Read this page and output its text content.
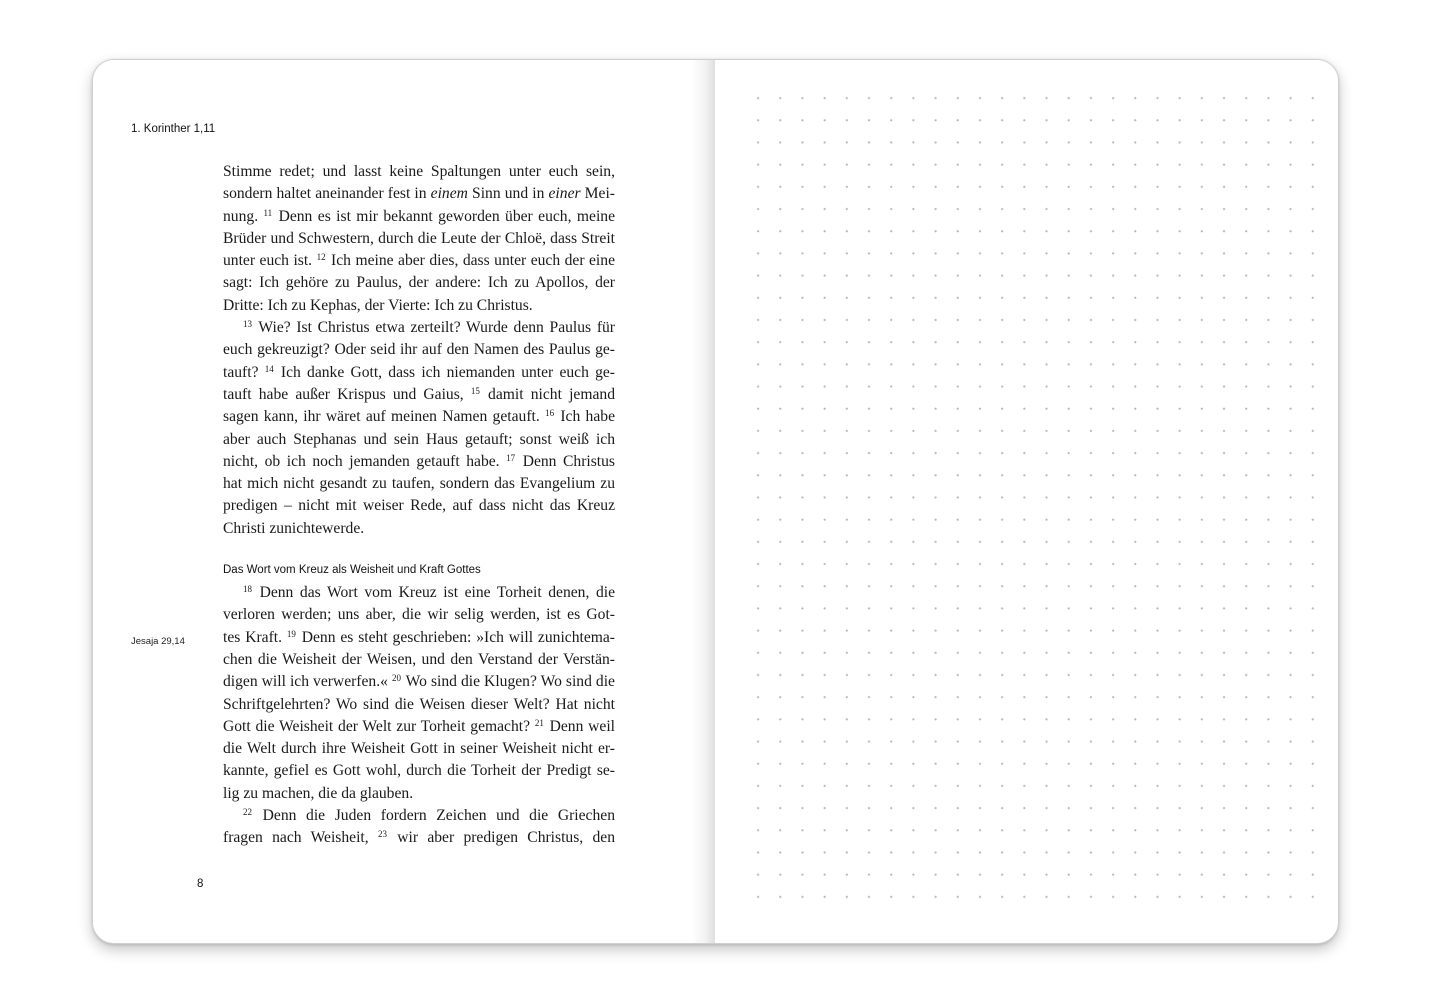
1. Korinther 1,11
Jesaja 29,14
Stimme redet; und lasst keine Spaltungen unter euch sein,
sondern haltet aneinander fest in einem Sinn und in einer Mei-
nung. $^{11}$ Denn es ist mir bekannt geworden über euch, meine
Brüder und Schwestern, durch die Leute der Chloë, dass Streit
unter euch ist. $^{12}$ Ich meine aber dies, dass unter euch der eine
sagt: Ich gehöre zu Paulus, der andere: Ich zu Apollos, der
Dritte: Ich zu Kephas, der Vierte: Ich zu Christus.
$^{13}$ Wie? Ist Christus etwa zerteilt? Wurde denn Paulus für
euch gekreuzigt? Oder seid ihr auf den Namen des Paulus ge-
tauft? $^{14}$ Ich danke Gott, dass ich niemanden unter euch ge-
tauft habe außer Krispus und Gaius, $^{15}$ damit nicht jemand
sagen kann, ihr wäret auf meinen Namen getauft. $^{16}$ Ich habe
aber auch Stephanas und sein Haus getauft; sonst weiß ich
nicht, ob ich noch jemanden getauft habe. $^{17}$ Denn Christus
hat mich nicht gesandt zu taufen, sondern das Evangelium zu
predigen – nicht mit weiser Rede, auf dass nicht das Kreuz
Christi zunichtewerde.
Das Wort vom Kreuz als Weisheit und Kraft Gottes
$^{18}$ Denn das Wort vom Kreuz ist eine Torheit denen, die
verloren werden; uns aber, die wir selig werden, ist es Got-
tes Kraft. $^{19}$ Denn es steht geschrieben: »Ich will zunichtema-
chen die Weisheit der Weisen, und den Verstand der Verstän-
digen will ich verwerfen.« $^{20}$ Wo sind die Klugen? Wo sind die
Schriftgelehrten? Wo sind die Weisen dieser Welt? Hat nicht
Gott die Weisheit der Welt zur Torheit gemacht? $^{21}$ Denn weil
die Welt durch ihre Weisheit Gott in seiner Weisheit nicht er-
kannte, gefiel es Gott wohl, durch die Torheit der Predigt se-
lig zu machen, die da glauben.
$^{22}$ Denn die Juden fordern Zeichen und die Griechen
fragen nach Weisheit, $^{23}$ wir aber predigen Christus, den
8
